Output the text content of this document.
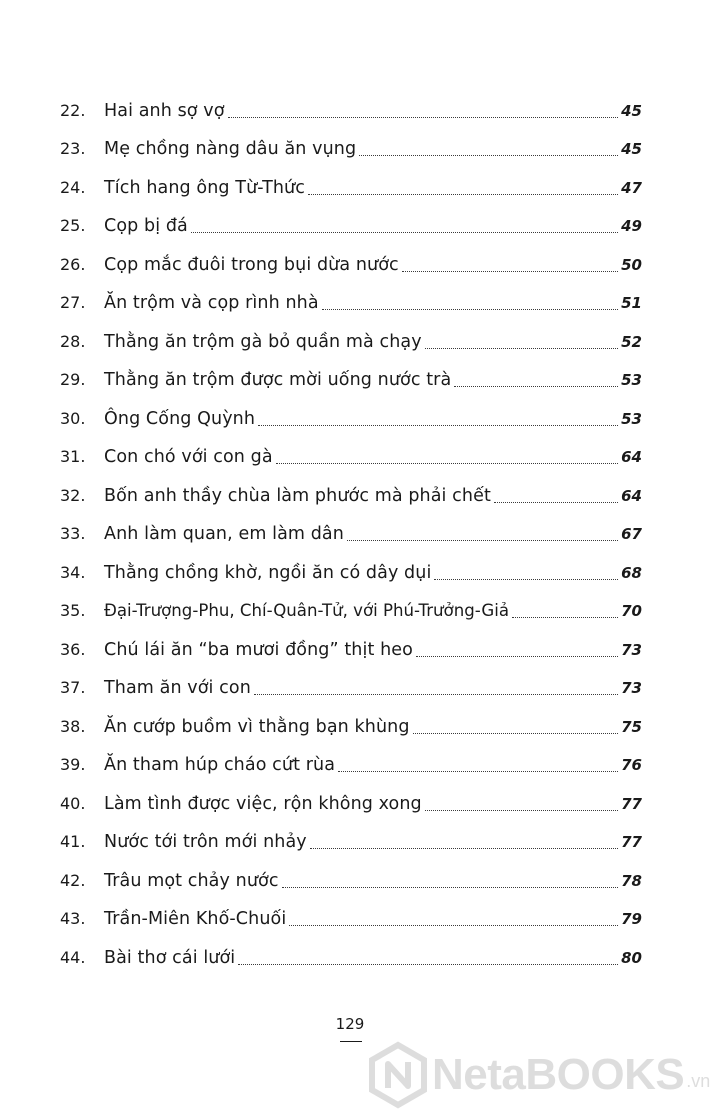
22.	Hai anh sợ vợ	45
23.	Mẹ chồng nàng dâu ăn vụng	45
24.	Tích hang ông Từ-Thức	47
25.	Cọp bị đá	49
26.	Cọp mắc đuôi trong bụi dừa nước	50
27.	Ăn trộm và cọp rình nhà	51
28.	Thằng ăn trộm gà bỏ quần mà chạy	52
29.	Thằng ăn trộm được mời uống nước trà	53
30.	Ông Cống Quỳnh	53
31.	Con chó với con gà	64
32.	Bốn anh thầy chùa làm phước mà phải chết	64
33.	Anh làm quan, em làm dân	67
34.	Thằng chồng khờ, ngồi ăn có dây dụi	68
35.	Đại-Trượng-Phu, Chí-Quân-Tử, với Phú-Trưởng-Giả	70
36.	Chú lái ăn “ba mươi đồng” thịt heo	73
37.	Tham ăn với con	73
38.	Ăn cướp buồm vì thằng bạn khùng	75
39.	Ăn tham húp cháo cứt rùa	76
40.	Làm tình được việc, rộn không xong	77
41.	Nước tới trôn mới nhảy	77
42.	Trâu mọt chảy nước	78
43.	Trần-Miên Khố-Chuối	79
44.	Bài thơ cái lưới	80
129
NetaBOOKS .vn
